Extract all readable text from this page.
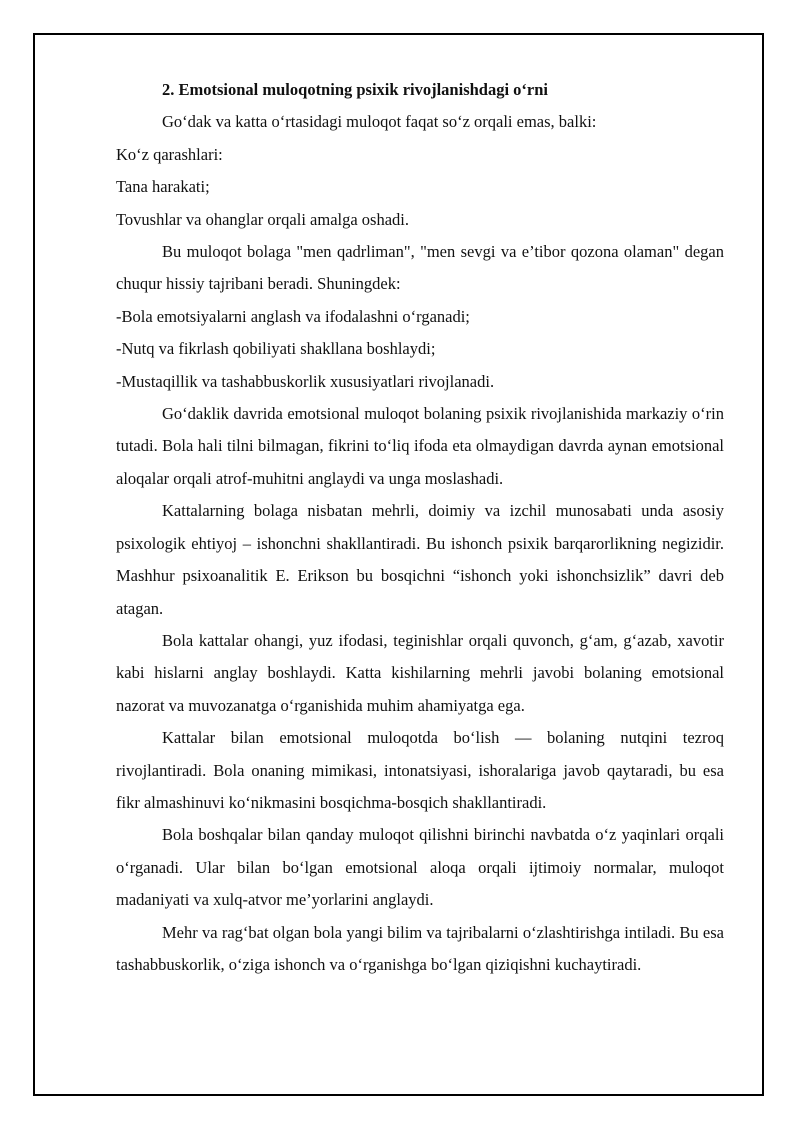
2. Emotsional muloqotning psixik rivojlanishdagi o‘rni

Go‘dak va katta o‘rtasidagi muloqot faqat so‘z orqali emas, balki:

Ko‘z qarashlari:

Tana harakati;

Tovushlar va ohanglar orqali amalga oshadi.

Bu muloqot bolaga "men qadrliman", "men sevgi va e’tibor qozona olaman" degan chuqur hissiy tajribani beradi. Shuningdek:

-Bola emotsiyalarni anglash va ifodalashni o‘rganadi;

-Nutq va fikrlash qobiliyati shakllana boshlaydi;

-Mustaqillik va tashabbuskorlik xususiyatlari rivojlanadi.

Go‘daklik davrida emotsional muloqot bolaning psixik rivojlanishida markaziy o‘rin tutadi. Bola hali tilni bilmagan, fikrini to‘liq ifoda eta olmaydigan davrda aynan emotsional aloqalar orqali atrof-muhitni anglaydi va unga moslashadi.

Kattalarning bolaga nisbatan mehrli, doimiy va izchil munosabati unda asosiy psixologik ehtiyoj – ishonchni shakllantiradi. Bu ishonch psixik barqarorlikning negizidir. Mashhur psixoanalitik E. Erikson bu bosqichni “ishonch yoki ishonchsizlik” davri deb atagan.

Bola kattalar ohangi, yuz ifodasi, teginishlar orqali quvonch, g‘am, g‘azab, xavotir kabi hislarni anglay boshlaydi. Katta kishilarning mehrli javobi bolaning emotsional nazorat va muvozanatga o‘rganishida muhim ahamiyatga ega.

Kattalar bilan emotsional muloqotda bo‘lish — bolaning nutqini tezroq rivojlantiradi. Bola onaning mimikasi, intonatsiyasi, ishoralariga javob qaytaradi, bu esa fikr almashinuvi ko‘nikmasini bosqichma-bosqich shakllantiradi.

Bola boshqalar bilan qanday muloqot qilishni birinchi navbatda o‘z yaqinlari orqali o‘rganadi. Ular bilan bo‘lgan emotsional aloqa orqali ijtimoiy normalar, muloqot madaniyati va xulq-atvor me’yorlarini anglaydi.

Mehr va rag‘bat olgan bola yangi bilim va tajribalarni o‘zlashtirishga intiladi. Bu esa tashabbuskorlik, o‘ziga ishonch va o‘rganishga bo‘lgan qiziqishni kuchaytiradi.
